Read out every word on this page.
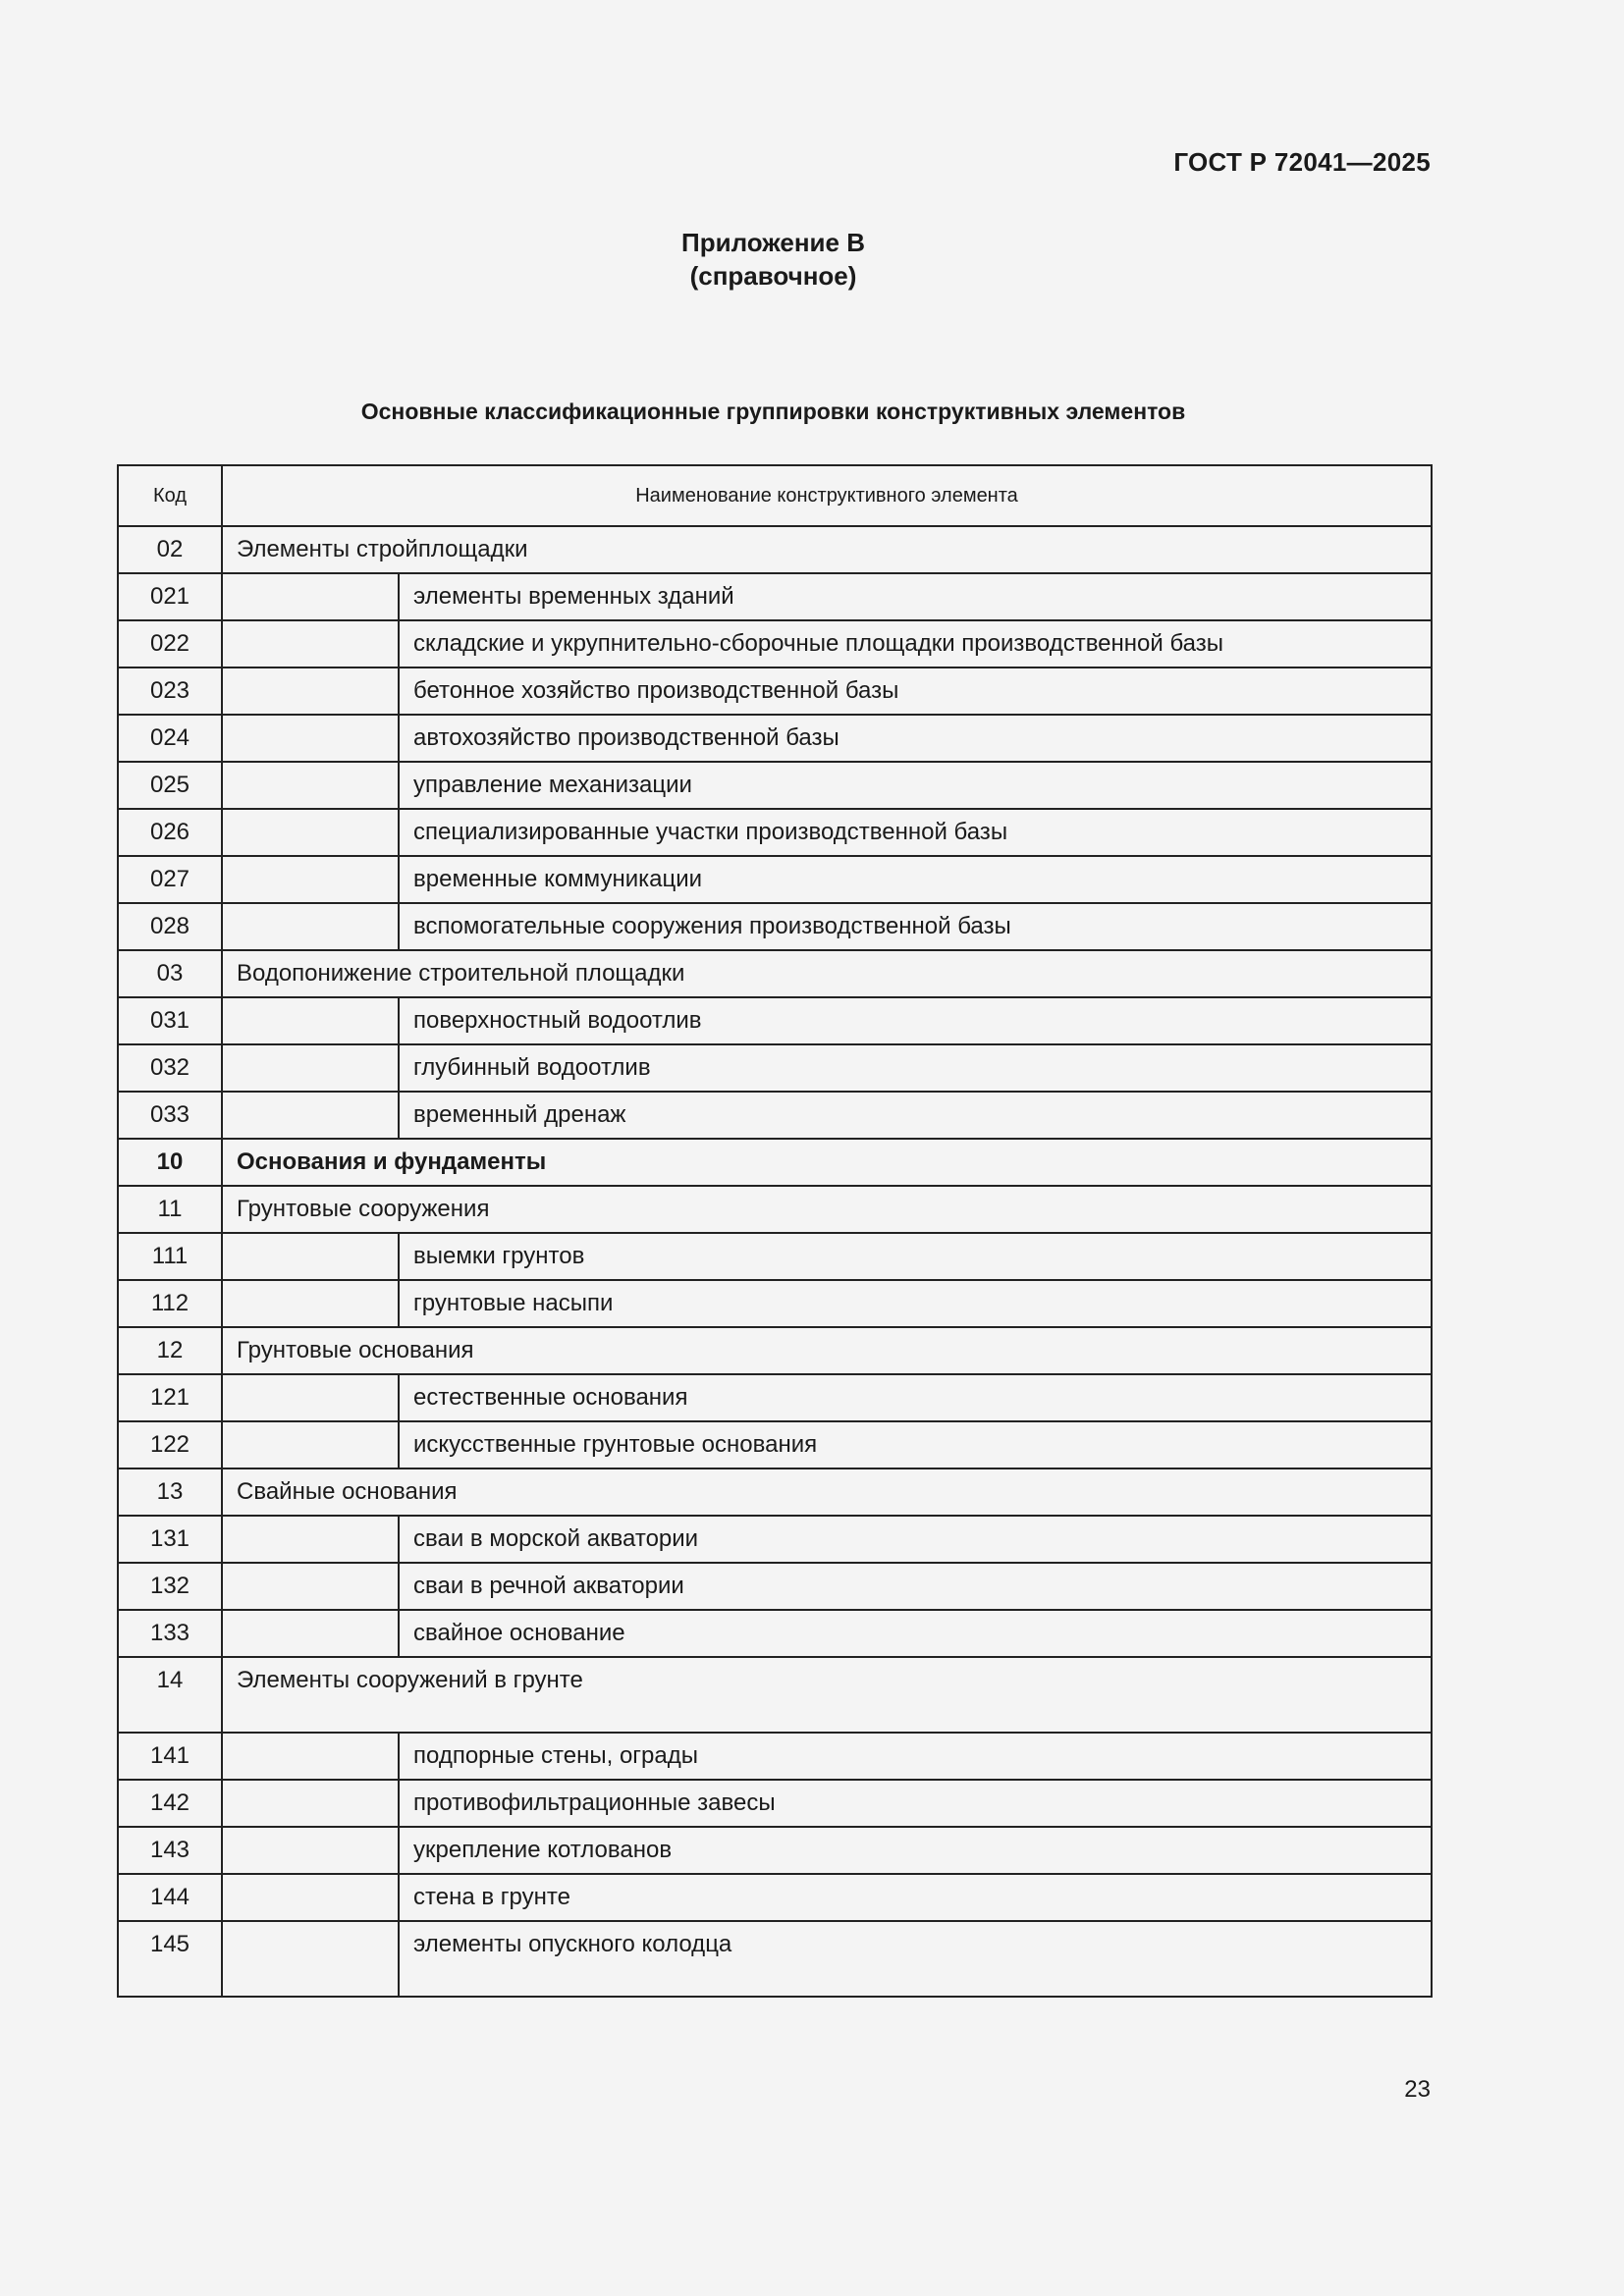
ГОСТ Р 72041—2025
Приложение В
(справочное)
Основные классификационные группировки конструктивных элементов
Код	Наименование конструктивного элемента	
02	Элементы стройплощадки	
021		элементы временных зданий
022		складские и укрупнительно-сборочные площадки производственной базы
023		бетонное хозяйство производственной базы
024		автохозяйство производственной базы
025		управление механизации
026		специализированные участки производственной базы
027		временные коммуникации
028		вспомогательные сооружения производственной базы
03	Водопонижение строительной площадки	
031		поверхностный водоотлив
032		глубинный водоотлив
033		временный дренаж
10	Основания и фундаменты	
11	Грунтовые сооружения	
111		выемки грунтов
112		грунтовые насыпи
12	Грунтовые основания	
121		естественные основания
122		искусственные грунтовые основания
13	Свайные основания	
131		сваи в морской акватории
132		сваи в речной акватории
133		свайное основание
14	Элементы сооружений в грунте	
141		подпорные стены, ограды
142		противофильтрационные завесы
143		укрепление котлованов
144		стена в грунте
145		элементы опускного колодца
23
